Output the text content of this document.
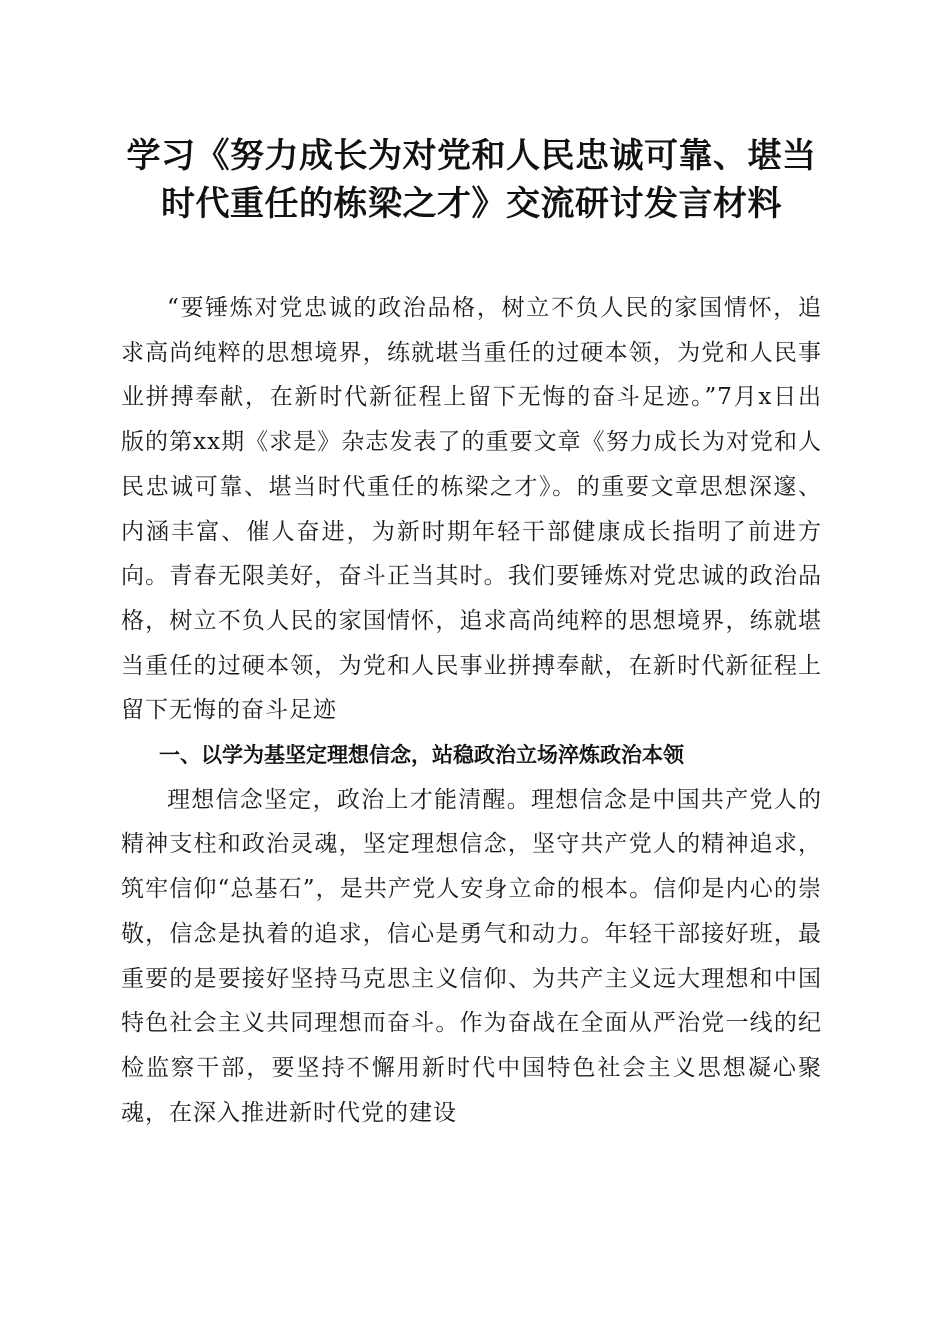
学习《努力成长为对党和人民忠诚可靠、堪当
时代重任的栋梁之才》交流研讨发言材料

“要锤炼对党忠诚的政治品格，树立不负人民的家国情怀，追求高尚纯粹的思想境界，练就堪当重任的过硬本领，为党和人民事业拼搏奉献，在新时代新征程上留下无悔的奋斗足迹。”7月x日出版的第xx期《求是》杂志发表了的重要文章《努力成长为对党和人民忠诚可靠、堪当时代重任的栋梁之才》。的重要文章思想深邃、内涵丰富、催人奋进，为新时期年轻干部健康成长指明了前进方向。青春无限美好，奋斗正当其时。我们要锤炼对党忠诚的政治品格，树立不负人民的家国情怀，追求高尚纯粹的思想境界，练就堪当重任的过硬本领，为党和人民事业拼搏奉献，在新时代新征程上留下无悔的奋斗足迹

一、以学为基坚定理想信念，站稳政治立场淬炼政治本领

理想信念坚定，政治上才能清醒。理想信念是中国共产党人的精神支柱和政治灵魂，坚定理想信念，坚守共产党人的精神追求，筑牢信仰“总基石”，是共产党人安身立命的根本。信仰是内心的崇敬，信念是执着的追求，信心是勇气和动力。年轻干部接好班，最重要的是要接好坚持马克思主义信仰、为共产主义远大理想和中国特色社会主义共同理想而奋斗。作为奋战在全面从严治党一线的纪检监察干部，要坚持不懈用新时代中国特色社会主义思想凝心聚魂，在深入推进新时代党的建设
